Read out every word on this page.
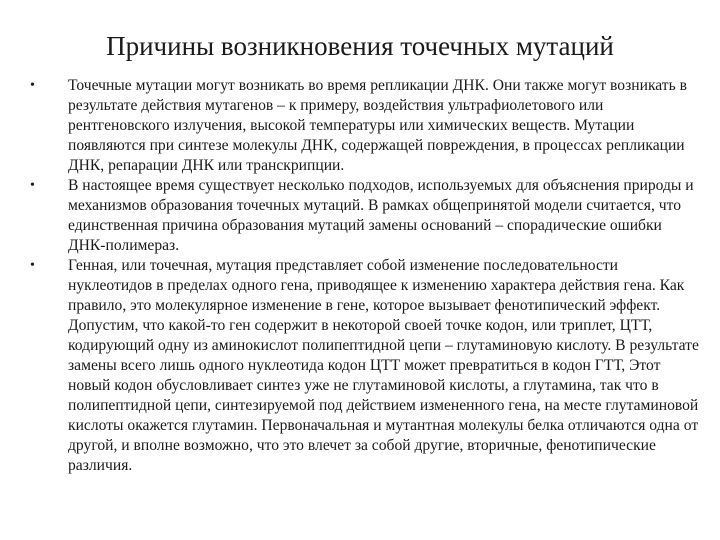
Причины возникновения точечных мутаций
•	Точечные мутации могут возникать во время репликации ДНК. Они также могут возникать в результате действия мутагенов – к примеру, воздействия ультрафиолетового или рентгеновского излучения, высокой температуры или химических веществ. Мутации появляются при синтезе молекулы ДНК, содержащей повреждения, в процессах репликации ДНК, репарации ДНК или транскрипции.
•	В настоящее время существует несколько подходов, используемых для объяснения природы и механизмов образования точечных мутаций. В рамках общепринятой модели считается, что единственная причина образования мутаций замены оснований – спорадические ошибки ДНК-полимераз.
•	Генная, или точечная, мутация представляет собой изменение последовательности нуклеотидов в пределах одного гена, приводящее к изменению характера действия гена. Как правило, это молекулярное изменение в гене, которое вызывает фенотипический эффект. Допустим, что какой-то ген содержит в некоторой своей точке кодон, или триплет, ЦТТ, кодирующий одну из аминокислот полипептидной цепи – глутаминовую кислоту. В результате замены всего лишь одного нуклеотида кодон ЦТТ может превратиться в кодон ГТТ, Этот новый кодон обусловливает синтез уже не глутаминовой кислоты, а глутамина, так что в полипептидной цепи, синтезируемой под действием измененного гена, на месте глутаминовой кислоты окажется глутамин. Первоначальная и мутантная молекулы белка отличаются одна от другой, и вполне возможно, что это влечет за собой другие, вторичные, фенотипические различия.
